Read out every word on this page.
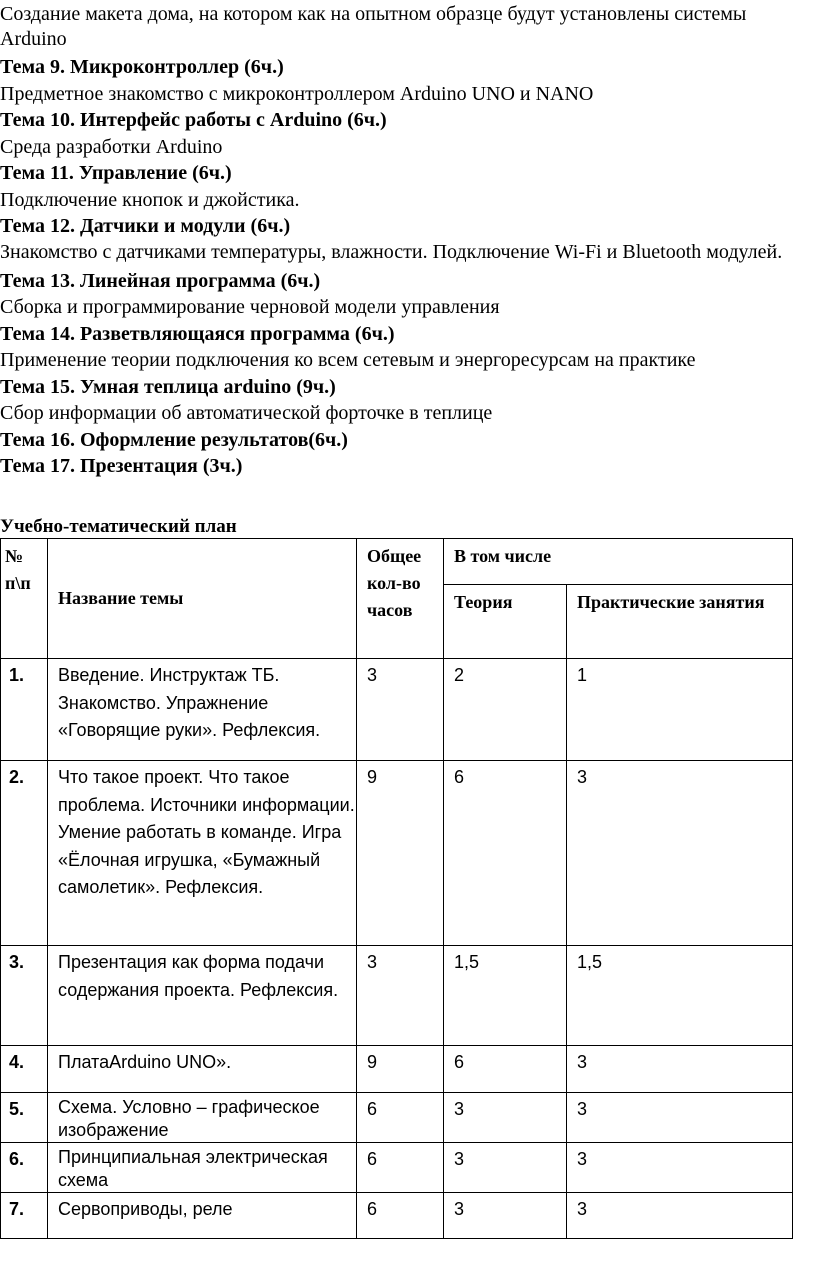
Создание макета дома, на котором как на опытном образце будут установлены системы Arduino

Тема 9. Микроконтроллер (6ч.)

Предметное знакомство с микроконтроллером Arduino UNO и NANO

Тема 10. Интерфейс работы с Arduino (6ч.)

Среда разработки Arduino

Тема 11. Управление (6ч.)

Подключение кнопок и джойстика.

Тема 12. Датчики и модули (6ч.)

Знакомство с датчиками температуры, влажности. Подключение Wi-Fi и Bluetooth модулей.

Тема 13. Линейная программа (6ч.)

Сборка и программирование черновой модели управления

Тема 14. Разветвляющаяся программа (6ч.)

Применение теории подключения ко всем сетевым и энергоресурсам на практике

Тема 15. Умная теплица arduino (9ч.)

Сбор информации об автоматической форточке в теплице

Тема 16. Оформление результатов(6ч.)

Тема 17. Презентация (3ч.)

Учебно-тематический план
№ п\п	Название темы	Общее кол-во часов	В том числе	
			Теория	Практические занятия
1.	Введение. Инструктаж ТБ. Знакомство. Упражнение «Говорящие руки». Рефлексия.	3	2	1
2.	Что такое проект. Что такое проблема. Источники информации. Умение работать в команде. Игра «Ёлочная игрушка, «Бумажный самолетик». Рефлексия.	9	6	3
3.	Презентация как форма подачи содержания проекта. Рефлексия.	3	1,5	1,5
4.	ПлатаArduino UNO».	9	6	3
5.	Схема. Условно – графическое изображение	6	3	3
6.	Принципиальная электрическая схема	6	3	3
7.	Сервоприводы, реле	6	3	3
